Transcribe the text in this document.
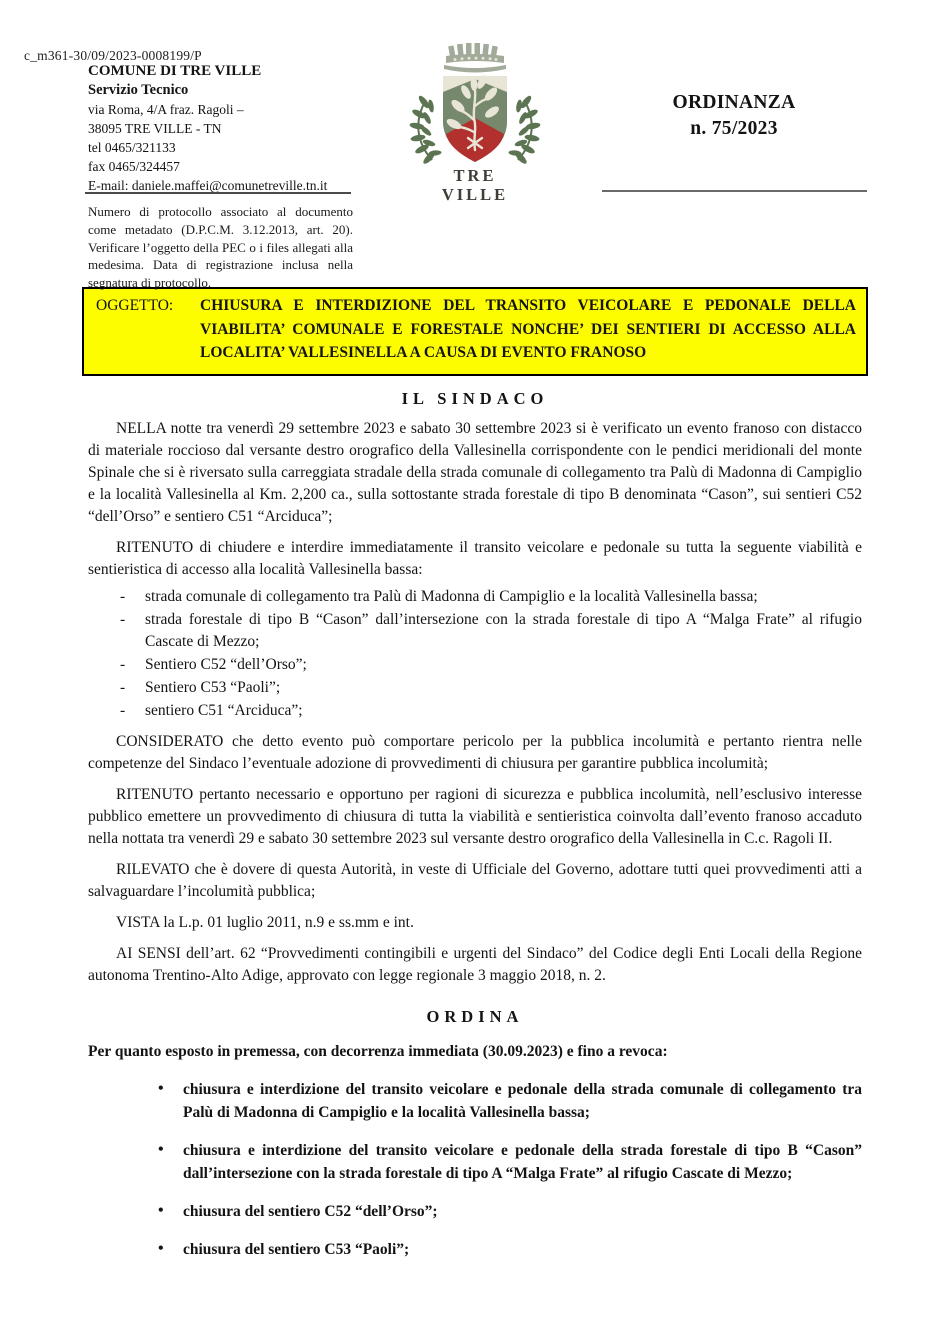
c_m361-30/09/2023-0008199/P
COMUNE DI TRE VILLE
Servizio Tecnico
via Roma, 4/A fraz. Ragoli –
38095 TRE VILLE - TN
tel 0465/321133
fax 0465/324457
E-mail: daniele.maffei@comunetreville.tn.it
TRE
VILLE
ORDINANZA
n. 75/2023

Numero di protocollo associato al documento come metadato (D.P.C.M. 3.12.2013, art. 20). Verificare l’oggetto della PEC o i files allegati alla medesima. Data di registrazione inclusa nella segnatura di protocollo.

OGGETTO:	CHIUSURA E INTERDIZIONE DEL TRANSITO VEICOLARE E PEDONALE DELLA VIABILITA’ COMUNALE E FORESTALE NONCHE’ DEI SENTIERI DI ACCESSO ALLA LOCALITA’ VALLESINELLA A CAUSA DI EVENTO FRANOSO
IL SINDACO

NELLA notte tra venerdì 29 settembre 2023 e sabato 30 settembre 2023 si è verificato un evento franoso con distacco di materiale roccioso dal versante destro orografico della Vallesinella corrispondente con le pendici meridionali del monte Spinale che si è riversato sulla carreggiata stradale della strada comunale di collegamento tra Palù di Madonna di Campiglio e la località Vallesinella al Km. 2,200 ca., sulla sottostante strada forestale di tipo B denominata “Cason”, sui sentieri C52 “dell’Orso” e sentiero C51 “Arciduca”;

RITENUTO di chiudere e interdire immediatamente il transito veicolare e pedonale su tutta la seguente viabilità e sentieristica di accesso alla località Vallesinella bassa:

- strada comunale di collegamento tra Palù di Madonna di Campiglio e la località Vallesinella bassa;
- strada forestale di tipo B “Cason” dall’intersezione con la strada forestale di tipo A “Malga Frate” al rifugio Cascate di Mezzo;
- Sentiero C52 “dell’Orso”;
- Sentiero C53 “Paoli”;
- sentiero C51 “Arciduca”;

CONSIDERATO che detto evento può comportare pericolo per la pubblica incolumità e pertanto rientra nelle competenze del Sindaco l’eventuale adozione di provvedimenti di chiusura per garantire pubblica incolumità;

RITENUTO pertanto necessario e opportuno per ragioni di sicurezza e pubblica incolumità, nell’esclusivo interesse pubblico emettere un provvedimento di chiusura di tutta la viabilità e sentieristica coinvolta dall’evento franoso accaduto nella nottata tra venerdì 29 e sabato 30 settembre 2023 sul versante destro orografico della Vallesinella in C.c. Ragoli II.

RILEVATO che è dovere di questa Autorità, in veste di Ufficiale del Governo, adottare tutti quei provvedimenti atti a salvaguardare l’incolumità pubblica;

VISTA la L.p. 01 luglio 2011, n.9 e ss.mm e int.

AI SENSI dell’art. 62 “Provvedimenti contingibili e urgenti del Sindaco” del Codice degli Enti Locali della Regione autonoma Trentino-Alto Adige, approvato con legge regionale 3 maggio 2018, n. 2.

ORDINA

Per quanto esposto in premessa, con decorrenza immediata (30.09.2023) e fino a revoca:

• chiusura e interdizione del transito veicolare e pedonale della strada comunale di collegamento tra Palù di Madonna di Campiglio e la località Vallesinella bassa;
• chiusura e interdizione del transito veicolare e pedonale della strada forestale di tipo B “Cason” dall’intersezione con la strada forestale di tipo A “Malga Frate” al rifugio Cascate di Mezzo;
• chiusura del sentiero C52 “dell’Orso”;
• chiusura del sentiero C53 “Paoli”;
